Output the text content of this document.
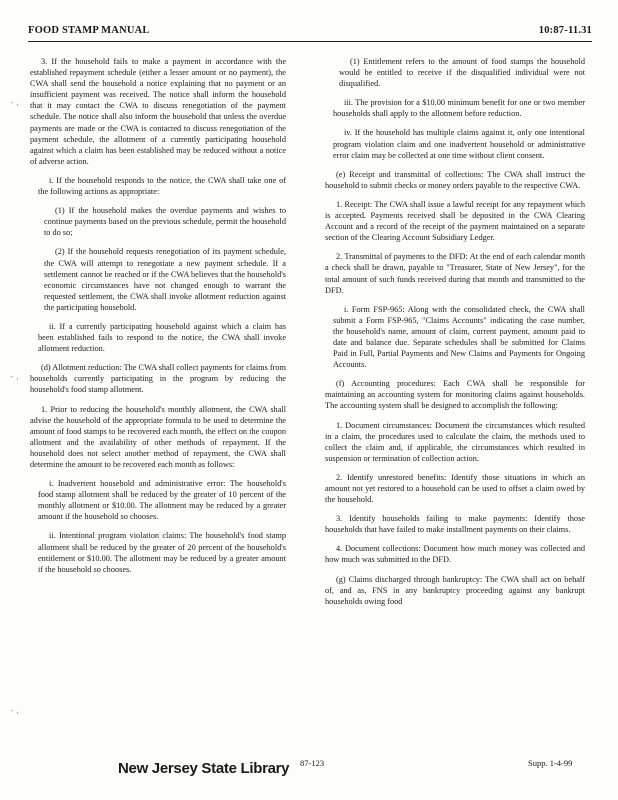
FOOD STAMP MANUAL	10:87-11.31

3. If the household fails to make a payment in accordance with the established repayment schedule (either a lesser amount or no payment), the CWA shall send the household a notice explaining that no payment or an insufficient payment was received. The notice shall inform the household that it may contact the CWA to discuss renegotiation of the payment schedule. The notice shall also inform the household that unless the overdue payments are made or the CWA is contacted to discuss renegotiation of the payment schedule, the allotment of a currently participating household against which a claim has been established may be reduced without a notice of adverse action.

i. If the household responds to the notice, the CWA shall take one of the following actions as appropriate:

(1) If the household makes the overdue payments and wishes to continue payments based on the previous schedule, permit the household to do so;

(2) If the household requests renegotiation of its payment schedule, the CWA will attempt to renegotiate a new payment schedule. If a settlement cannot be reached or if the CWA believes that the household's economic circumstances have not changed enough to warrant the requested settlement, the CWA shall invoke allotment reduction against the participating household.

ii. If a currently participating household against which a claim has been established fails to respond to the notice, the CWA shall invoke allotment reduction.

(d) Allotment reduction: The CWA shall collect payments for claims from households currently participating in the program by reducing the household's food stamp allotment.

1. Prior to reducing the household's monthly allotment, the CWA shall advise the household of the appropriate formula to be used to determine the amount of food stamps to be recovered each month, the effect on the coupon allotment and the availability of other methods of repayment. If the household does not select another method of repayment, the CWA shall determine the amount to be recovered each month as follows:

i. Inadvertent household and administrative error: The household's food stamp allotment shall be reduced by the greater of 10 percent of the monthly allotment or $10.00. The allotment may be reduced by a greater amount if the household so chooses.

ii. Intentional program violation claims: The household's food stamp allotment shall be reduced by the greater of 20 percent of the household's entitlement or $10.00. The allotment may be reduced by a greater amount if the household so chooses.

(1) Entitlement refers to the amount of food stamps the household would be entitled to receive if the disqualified individual were not disqualified.

iii. The provision for a $10.00 minimum benefit for one or two member households shall apply to the allotment before reduction.

iv. If the household has multiple claims against it, only one intentional program violation claim and one inadvertent household or administrative error claim may be collected at one time without client consent.

(e) Receipt and transmittal of collections: The CWA shall instruct the household to submit checks or money orders payable to the respective CWA.

1. Receipt: The CWA shall issue a lawful receipt for any repayment which is accepted. Payments received shall be deposited in the CWA Clearing Account and a record of the receipt of the payment maintained on a separate section of the Clearing Account Subsidiary Ledger.

2. Transmittal of payments to the DFD: At the end of each calendar month a check shall be drawn, payable to "Treasurer, State of New Jersey", for the total amount of such funds received during that month and transmitted to the DFD.

i. Form FSP-965: Along with the consolidated check, the CWA shall submit a Form FSP-965, "Claims Accounts" indicating the case number, the household's name, amount of claim, current payment, amount paid to date and balance due. Separate schedules shall be submitted for Claims Paid in Full, Partial Payments and New Claims and Payments for Ongoing Accounts.

(f) Accounting procedures: Each CWA shall be responsible for maintaining an accounting system for monitoring claims against households. The accounting system shall be designed to accomplish the following:

1. Document circumstances: Document the circumstances which resulted in a claim, the procedures used to calculate the claim, the methods used to collect the claim and, if applicable, the circumstances which resulted in suspension or termination of collection action.

2. Identify unrestored benefits: Identify those situations in which an amount not yet restored to a household can be used to offset a claim owed by the household.

3. Identify households failing to make payments: Identify those households that have failed to make installment payments on their claims.

4. Document collections: Document how much money was collected and how much was submitted to the DFD.

(g) Claims discharged through bankruptcy: The CWA shall act on behalf of, and as, FNS in any bankruptcy proceeding against any bankrupt households owing food

‐ ,
‐ ,
‐ ,
New Jersey State Library 87-123	Supp. 1-4-99
